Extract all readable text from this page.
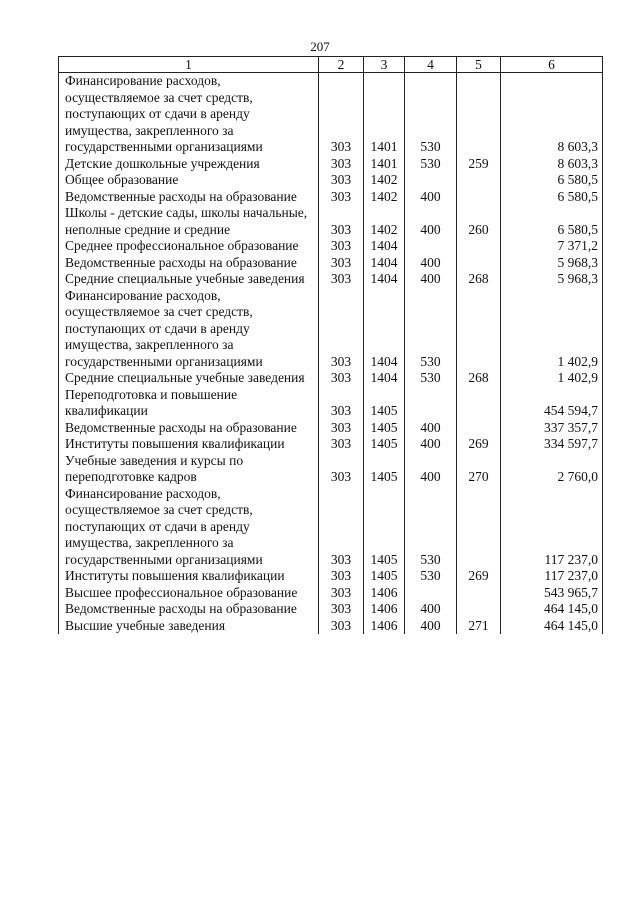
207
1	2	3	4	5	6
Финансирование расходов, осуществляемое за счет средств, поступающих от сдачи в аренду имущества, закрепленного за государственными организациями	303	1401	530		8 603,3
Детские дошкольные учреждения	303	1401	530	259	8 603,3
Общее образование	303	1402			6 580,5
Ведомственные расходы на образование	303	1402	400		6 580,5
Школы - детские сады, школы начальные, неполные средние и средние	303	1402	400	260	6 580,5
Среднее профессиональное образование	303	1404			7 371,2
Ведомственные расходы на образование	303	1404	400		5 968,3
Средние специальные учебные заведения	303	1404	400	268	5 968,3
Финансирование расходов, осуществляемое за счет средств, поступающих от сдачи в аренду имущества, закрепленного за государственными организациями	303	1404	530		1 402,9
Средние специальные учебные заведения	303	1404	530	268	1 402,9
Переподготовка и повышение квалификации	303	1405			454 594,7
Ведомственные расходы на образование	303	1405	400		337 357,7
Институты повышения квалификации	303	1405	400	269	334 597,7
Учебные заведения и курсы по переподготовке кадров	303	1405	400	270	2 760,0
Финансирование расходов, осуществляемое за счет средств, поступающих от сдачи в аренду имущества, закрепленного за государственными организациями	303	1405	530		117 237,0
Институты повышения квалификации	303	1405	530	269	117 237,0
Высшее профессиональное образование	303	1406			543 965,7
Ведомственные расходы на образование	303	1406	400		464 145,0
Высшие учебные заведения	303	1406	400	271	464 145,0
